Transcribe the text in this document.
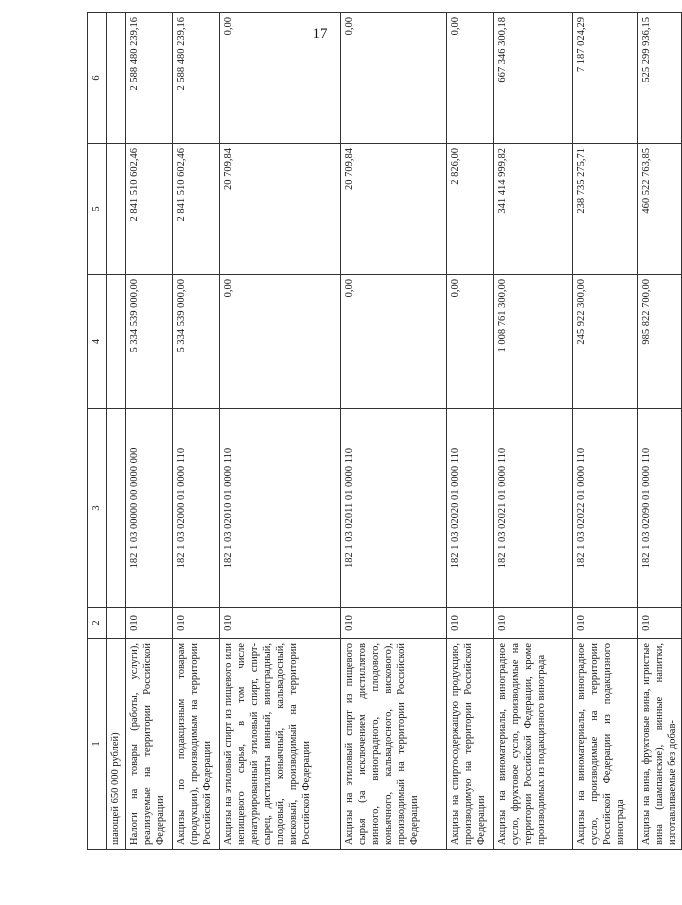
17
1	2	3	4	5	6
шающей 650 000 рублей)					
Налоги на товары (работы, услуги), реализуемые на территории Российской Федерации	010	182 1 03 00000 00 0000 000	5 334 539 000,00	2 841 510 602,46	2 588 480 239,16
Акцизы по подакцизным товарам (продукции), производимым на территории Российской Федерации	010	182 1 03 02000 01 0000 110	5 334 539 000,00	2 841 510 602,46	2 588 480 239,16
Акцизы на этиловый спирт из пищевого или непищевого сырья, в том числе денатурированный этиловый спирт, спирт-сырец, дистилляты винный, виноградный, плодовый, коньячный, кальвадосный, висковый, производимый на территории Российской Федерации	010	182 1 03 02010 01 0000 110	0,00	20 709,84	0,00
Акцизы на этиловый спирт из пищевого сырья (за исключением дистиллятов винного, виноградного, плодового, коньячного, кальвадосного, вискового), производимый на территории Российской Федерации	010	182 1 03 02011 01 0000 110	0,00	20 709,84	0,00
Акцизы на спиртосодержащую продукцию, производимую на территории Российской Федерации	010	182 1 03 02020 01 0000 110	0,00	2 826,00	0,00
Акцизы на виноматериалы, виноградное сусло, фруктовое сусло, производимые на территории Российской Федерации, кроме производимых из подакцизного винограда	010	182 1 03 02021 01 0000 110	1 008 761 300,00	341 414 999,82	667 346 300,18
Акцизы на виноматериалы, виноградное сусло, производимые на территории Российской Федерации из подакцизного винограда	010	182 1 03 02022 01 0000 110	245 922 300,00	238 735 275,71	7 187 024,29
Акцизы на вина, фруктовые вина, игристые вина (шампанские), винные напитки, изготавливаемые без добав-	010	182 1 03 02090 01 0000 110	985 822 700,00	460 522 763,85	525 299 936,15
